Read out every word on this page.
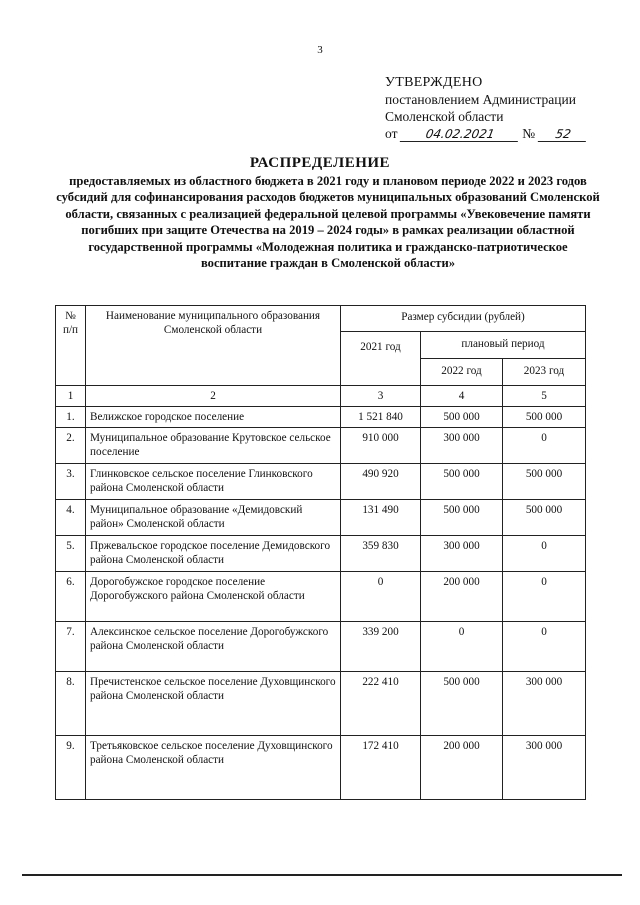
3
УТВЕРЖДЕНО
постановлением Администрации
Смоленской области
от 04.02.2021 № 52
РАСПРЕДЕЛЕНИЕ
предоставляемых из областного бюджета в 2021 году и плановом периоде 2022 и 2023 годов субсидий для софинансирования расходов бюджетов муниципальных образований Смоленской области, связанных с реализацией федеральной целевой программы «Увековечение памяти погибших при защите Отечества на 2019 – 2024 годы» в рамках реализации областной государственной программы «Молодежная политика и гражданско-патриотическое воспитание граждан в Смоленской области»
№ п/п	Наименование муниципального образования Смоленской области	Размер субсидии (рублей)		
		2021 год	плановый период	
			2022 год	2023 год
1	2	3	4	5
1.	Велижское городское поселение	1 521 840	500 000	500 000
2.	Муниципальное образование Крутовское сельское поселение	910 000	300 000	0
3.	Глинковское сельское поселение Глинковского района Смоленской области	490 920	500 000	500 000
4.	Муниципальное образование «Демидовский район» Смоленской области	131 490	500 000	500 000
5.	Пржевальское городское поселение Демидовского района Смоленской области	359 830	300 000	0
6.	Дорогобужское городское поселение Дорогобужского района Смоленской области	0	200 000	0
7.	Алексинское сельское поселение Дорогобужского района Смоленской области	339 200	0	0
8.	Пречистенское сельское поселение Духовщинского района Смоленской области	222 410	500 000	300 000
9.	Третьяковское сельское поселение Духовщинского района Смоленской области	172 410	200 000	300 000
